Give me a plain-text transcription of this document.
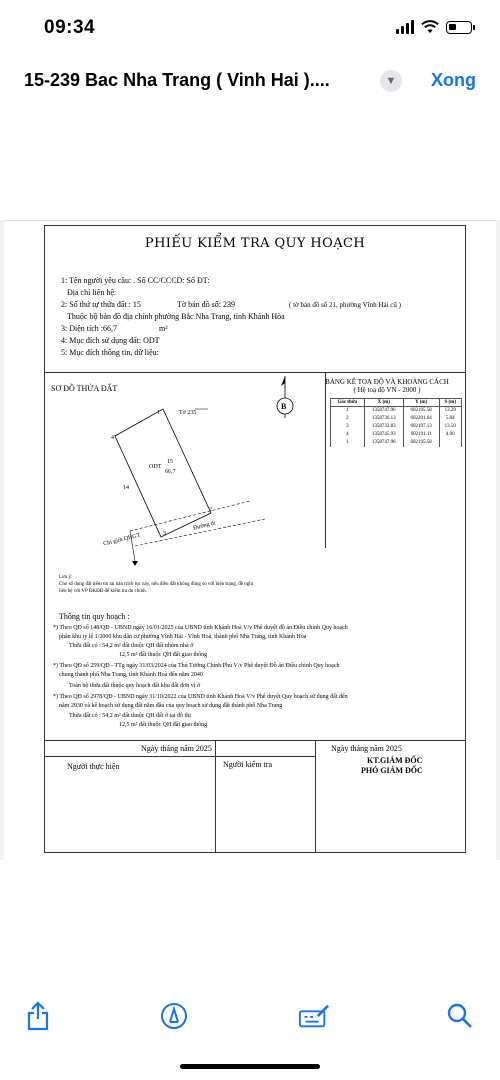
09:34
15-239 Bac Nha Trang ( Vinh Hai )....	▼	Xong
PHIẾU KIỂM TRA QUY HOẠCH
1: Tên người yêu cầu: . Số CC/CCCD: Số ĐT:
Địa chỉ liên hệ:
2: Số thứ tự thửa đất : 15	Tờ bản đồ số: 239	( tờ bản đồ số 21, phường Vĩnh Hải cũ )
Thuộc bộ bản đồ địa chính phường Bắc Nha Trang, tỉnh Khánh Hòa
3: Diện tích :66,7	m²
4: Mục đích sử dụng đất: ODT
5: Mục đích thông tin, dữ liệu:
SƠ ĐỒ THỬA ĐẤT
Tờ 235
ODT
15
66,7
14
Chỉ giới QHGT
Đường di
1
2
3
4
B
BẢNG KÊ TOẠ ĐỘ VÀ KHOẢNG CÁCH
( Hệ toạ độ VN - 2000 )
Góc thửa	X (m)	Y (m)	S (m)
1	1358747.96	602195.58	13.29
2	1358736.13	602201.64	5.04
3	1358733.83	602197.13	13.50
4	1358745.93	602191.11	4.90
1	1358747.96	602195.58	
Lưu ý:
Cho số dụng đất tiếm tin tại bản trích lục này, nếu điều đất không đúng so với hiện trạng, đề nghị
liên hệ với VP ĐKĐĐ để kiểm tra đo chỉnh.
Thông tin quy hoạch :
*) Theo QĐ số 148/QĐ - UBND ngày 16/01/2025 của UBND tỉnh Khánh Hoà V/v Phê duyệt đồ án Điều chỉnh Quy hoạch
phân khu tỷ lệ 1/2000 khu dân cư phường Vĩnh Hải - Vĩnh Hoà, thành phố Nha Trang, tỉnh Khánh Hòa
Thửa đất có : 54,2 m² đất thuộc QH đất nhóm nhà ở
12,5 m² đất thuộc QH đất giao thông
*) Theo QĐ số 259/QĐ - TTg ngày 31/03/2024 của Thủ Tướng Chính Phủ V/v Phê duyệt Đồ án Điều chỉnh Quy hoạch
chung thành phố Nha Trang, tỉnh Khánh Hoà đến năm 2040
Toàn bộ thửa đất thuộc quy hoạch đất khu đất đơn vị ở
*) Theo QĐ số 2978/QĐ - UBND ngày 31/10/2022 của UBND tỉnh Khánh Hoà V/v Phê duyệt Quy hoạch sử dụng đất đến
năm 2030 và kế hoạch sử dụng đất năm đầu của quy hoạch sử dụng đất thành phố Nha Trang
Thửa đất có : 54,2 m² đất thuộc QH đất ở tại đô thị
12,5 m² đất thuộc QH đất giao thông
Ngày tháng năm 2025	Ngày tháng năm 2025
Người thực hiện	Người kiểm tra	KT.GIÁM ĐỐC
PHÓ GIÁM ĐỐC
